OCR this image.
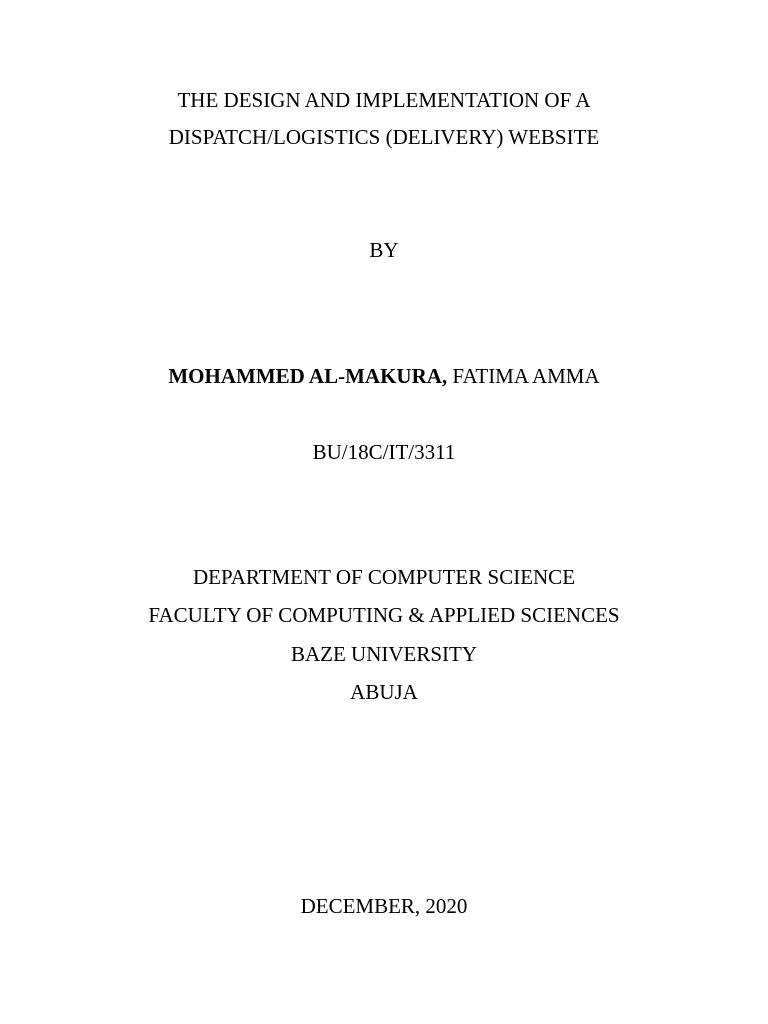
THE DESIGN AND IMPLEMENTATION OF A
DISPATCH/LOGISTICS (DELIVERY) WEBSITE
BY
MOHAMMED AL-MAKURA, FATIMA AMMA
BU/18C/IT/3311
DEPARTMENT OF COMPUTER SCIENCE
FACULTY OF COMPUTING & APPLIED SCIENCES
BAZE UNIVERSITY
ABUJA
DECEMBER, 2020
